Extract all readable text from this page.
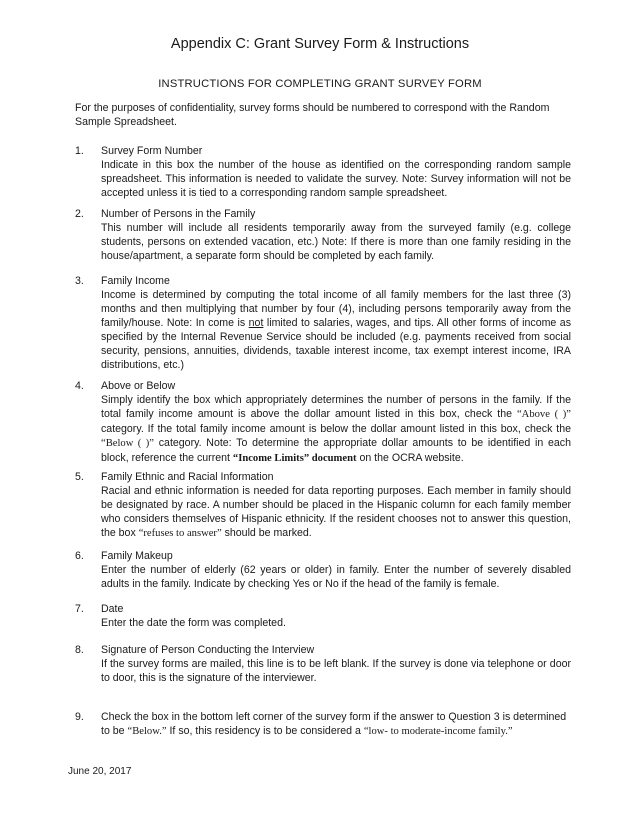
Appendix C: Grant Survey Form & Instructions
INSTRUCTIONS FOR COMPLETING GRANT SURVEY FORM
For the purposes of confidentiality, survey forms should be numbered to correspond with the Random Sample Spreadsheet.
1. Survey Form Number
Indicate in this box the number of the house as identified on the corresponding random sample spreadsheet. This information is needed to validate the survey. Note: Survey information will not be accepted unless it is tied to a corresponding random sample spreadsheet.
2. Number of Persons in the Family
This number will include all residents temporarily away from the surveyed family (e.g. college students, persons on extended vacation, etc.) Note: If there is more than one family residing in the house/apartment, a separate form should be completed by each family.
3. Family Income
Income is determined by computing the total income of all family members for the last three (3) months and then multiplying that number by four (4), including persons temporarily away from the family/house. Note: In come is not limited to salaries, wages, and tips. All other forms of income as specified by the Internal Revenue Service should be included (e.g. payments received from social security, pensions, annuities, dividends, taxable interest income, tax exempt interest income, IRA distributions, etc.)
4. Above or Below
Simply identify the box which appropriately determines the number of persons in the family. If the total family income amount is above the dollar amount listed in this box, check the “Above ( )” category. If the total family income amount is below the dollar amount listed in this box, check the “Below ( )” category. Note: To determine the appropriate dollar amounts to be identified in each block, reference the current “Income Limits” document on the OCRA website.
5. Family Ethnic and Racial Information
Racial and ethnic information is needed for data reporting purposes. Each member in family should be designated by race. A number should be placed in the Hispanic column for each family member who considers themselves of Hispanic ethnicity. If the resident chooses not to answer this question, the box “refuses to answer” should be marked.
6. Family Makeup
Enter the number of elderly (62 years or older) in family. Enter the number of severely disabled adults in the family. Indicate by checking Yes or No if the head of the family is female.
7. Date
Enter the date the form was completed.
8. Signature of Person Conducting the Interview
If the survey forms are mailed, this line is to be left blank. If the survey is done via telephone or door to door, this is the signature of the interviewer.
9. Check the box in the bottom left corner of the survey form if the answer to Question 3 is determined to be “Below.” If so, this residency is to be considered a “low- to moderate-income family.”
June 20, 2017
